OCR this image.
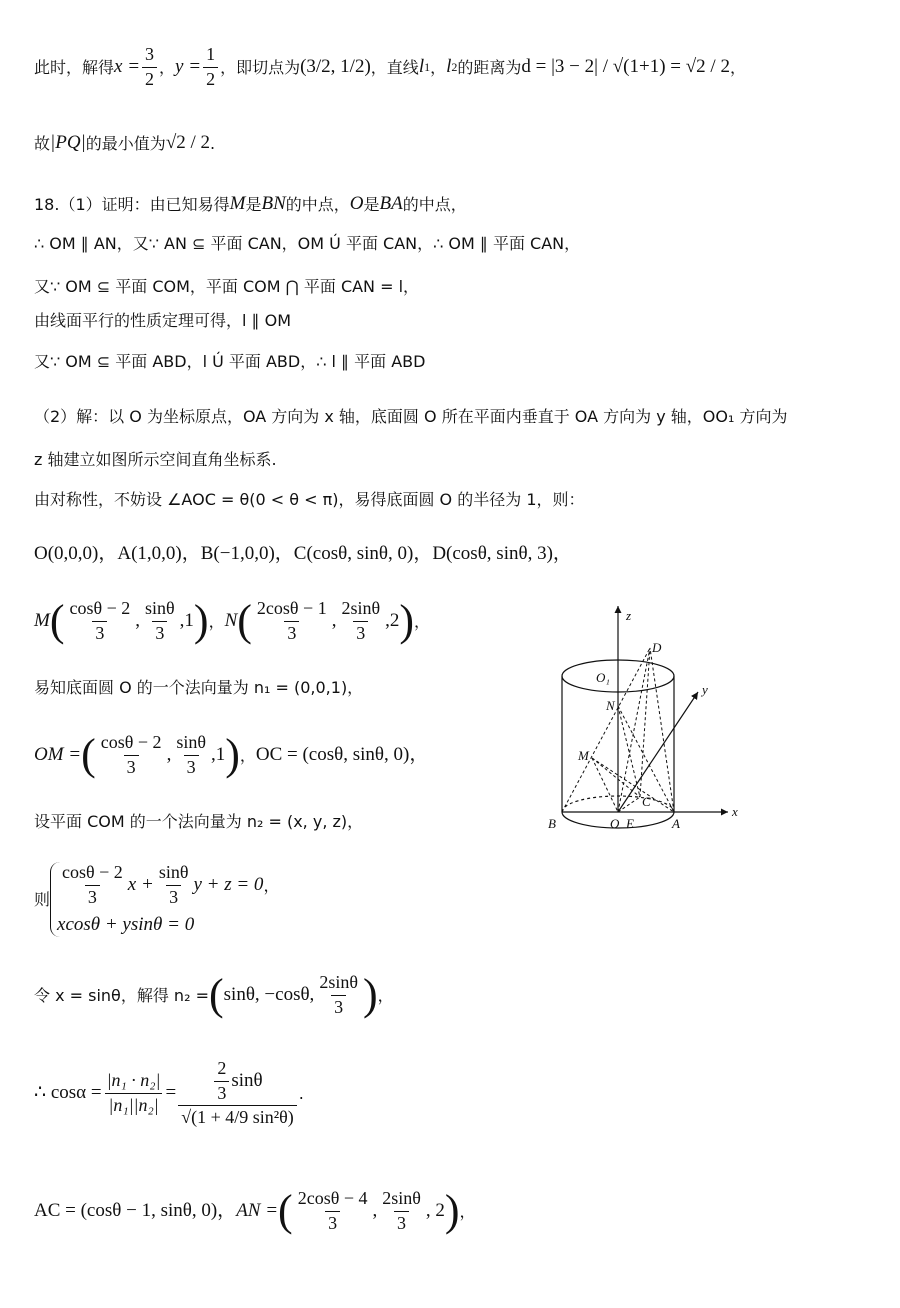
此时，解得 $x = \frac{3}{2}$ ， $y = \frac{1}{2}$ ，即切点为 (3/2, 1/2) ，直线 l 1 ， l 2 的距离为 d = |3 − 2| / √(1+1) = √2 / 2 ，
故 |PQ| 的最小值为 √2 / 2 .
18.（1）证明：由已知易得 M 是 BN 的中点， O 是 BA 的中点，
∴ OM ∥ AN，又∵ AN ⊆ 平面 CAN，OM Ú 平面 CAN，∴ OM ∥ 平面 CAN，
又∵ OM ⊆ 平面 COM，平面 COM ⋂ 平面 CAN = l，
由线面平行的性质定理可得，l ∥ OM
又∵ OM ⊆ 平面 ABD，l Ú 平面 ABD，∴ l ∥ 平面 ABD
（2）解：以 O 为坐标原点，OA 方向为 x 轴，底面圆 O 所在平面内垂直于 OA 方向为 y 轴，OO₁ 方向为
z 轴建立如图所示空间直角坐标系.
由对称性，不妨设 ∠AOC = θ(0 < θ < π)，易得底面圆 O 的半径为 1，则：
O(0,0,0)，A(1,0,0)，B(−1,0,0)，C(cosθ, sinθ, 0)，D(cosθ, sinθ, 3)，
M ( $\frac{\cos\theta - 2}{3}$ , $\frac{\sin\theta}{3} ,1$ ) ， N ( $\frac{2\cos\theta - 1}{3}$ , $\frac{2\sin\theta}{3} ,2$ ) ，
易知底面圆 O 的一个法向量为 n₁ = (0,0,1)，
OM = ( $\frac{\cos\theta - 2}{3}$ , $\frac{\sin\theta}{3} ,1$ ) ， OC = (cosθ, sinθ, 0)，
设平面 COM 的一个法向量为 n₂ = (x, y, z)，
则 $\frac{\cos\theta - 2}{3}$ $x + \frac{\sin\theta}{3}$ y + z = 0 ，
xcosθ + ysinθ = 0
令 x = sinθ，解得 n₂ = ( sinθ, −cosθ, $\frac{2\sin\theta}{3}$ ) ，
∴ $\cos\alpha = \frac{\text{|n₁ · n₂|}}{\text{|n₁||n₂|}} = \frac{\frac{2}{3} \sin\theta}{\text{√(1 + 4/9 sin²θ)}}$ .
AC = (cosθ − 1, sinθ, 0)， AN = ( $\frac{2\cos\theta - 4}{3}$ , $\frac{2\sin\theta}{3}$ , 2 ) ，
z
y
x
O₁
D
N
M
C
B	O E	A
